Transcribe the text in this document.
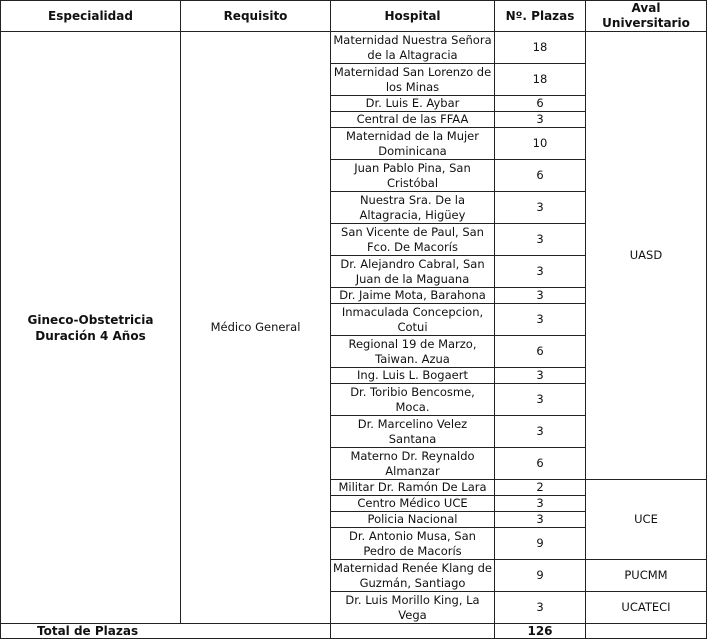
Especialidad	Requisito	Hospital	Nº. Plazas	Aval Universitario

Gineco-Obstetricia
Duración 4 Años	Médico General	Maternidad Nuestra Señora de la Altagracia	18	UASD
		Maternidad San Lorenzo de los Minas	18	
		Dr. Luis E. Aybar	6	
		Central de las FFAA	3	
		Maternidad de la Mujer Dominicana	10	
		Juan Pablo Pina, San Cristóbal	6	
		Nuestra Sra. De la Altagracia, Higüey	3	
		San Vicente de Paul, San Fco. De Macorís	3	
		Dr. Alejandro Cabral, San Juan de la Maguana	3	
		Dr. Jaime Mota, Barahona	3	
		Inmaculada Concepcion, Cotui	3	
		Regional 19 de Marzo, Taiwan. Azua	6	
		Ing. Luis L. Bogaert	3	
		Dr. Toribio Bencosme, Moca.	3	
		Dr. Marcelino Velez Santana	3	
		Materno Dr. Reynaldo Almanzar	6	
		Militar Dr. Ramón De Lara	2	UCE
		Centro Médico UCE	3	
		Policia Nacional	3	
		Dr. Antonio Musa, San Pedro de Macorís	9	
		Maternidad Renée Klang de Guzmán, Santiago	9	PUCMM
		Dr. Luis Morillo King, La Vega	3	UCATECI
Total de Plazas			126	
